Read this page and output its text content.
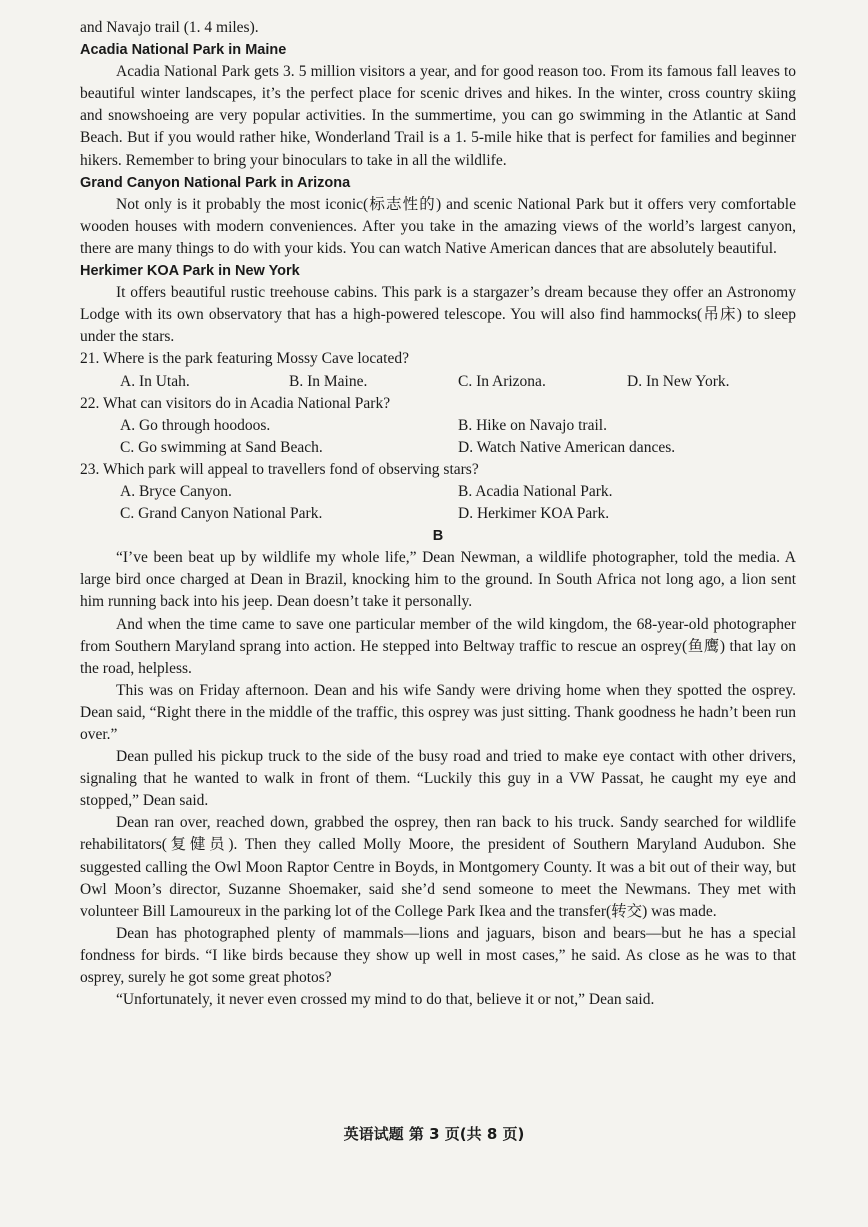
and Navajo trail (1. 4 miles).

Acadia National Park in Maine

Acadia National Park gets 3. 5 million visitors a year, and for good reason too. From its famous fall leaves to beautiful winter landscapes, it’s the perfect place for scenic drives and hikes. In the winter, cross country skiing and snowshoeing are very popular activities. In the summertime, you can go swimming in the Atlantic at Sand Beach. But if you would rather hike, Wonderland Trail is a 1. 5-mile hike that is perfect for families and beginner hikers. Remember to bring your binoculars to take in all the wildlife.

Grand Canyon National Park in Arizona

Not only is it probably the most iconic(标志性的) and scenic National Park but it offers very comfortable wooden houses with modern conveniences. After you take in the amazing views of the world’s largest canyon, there are many things to do with your kids. You can watch Native American dances that are absolutely beautiful.

Herkimer KOA Park in New York

It offers beautiful rustic treehouse cabins. This park is a stargazer’s dream because they offer an Astronomy Lodge with its own observatory that has a high-powered telescope. You will also find hammocks(吊床) to sleep under the stars.

21. Where is the park featuring Mossy Cave located?

A. In Utah.	B. In Maine.	C. In Arizona.	D. In New York.

22. What can visitors do in Acadia National Park?

A. Go through hoodoos.	B. Hike on Navajo trail.
C. Go swimming at Sand Beach.	D. Watch Native American dances.

23. Which park will appeal to travellers fond of observing stars?

A. Bryce Canyon.	B. Acadia National Park.
C. Grand Canyon National Park.	D. Herkimer KOA Park.

B

“I’ve been beat up by wildlife my whole life,” Dean Newman, a wildlife photographer, told the media. A large bird once charged at Dean in Brazil, knocking him to the ground. In South Africa not long ago, a lion sent him running back into his jeep. Dean doesn’t take it personally.

And when the time came to save one particular member of the wild kingdom, the 68-year-old photographer from Southern Maryland sprang into action. He stepped into Beltway traffic to rescue an osprey(鱼鹰) that lay on the road, helpless.

This was on Friday afternoon. Dean and his wife Sandy were driving home when they spotted the osprey. Dean said, “Right there in the middle of the traffic, this osprey was just sitting. Thank goodness he hadn’t been run over.”

Dean pulled his pickup truck to the side of the busy road and tried to make eye contact with other drivers, signaling that he wanted to walk in front of them. “Luckily this guy in a VW Passat, he caught my eye and stopped,” Dean said.

Dean ran over, reached down, grabbed the osprey, then ran back to his truck. Sandy searched for wildlife rehabilitators(复健员). Then they called Molly Moore, the president of Southern Maryland Audubon. She suggested calling the Owl Moon Raptor Centre in Boyds, in Montgomery County. It was a bit out of their way, but Owl Moon’s director, Suzanne Shoemaker, said she’d send someone to meet the Newmans. They met with volunteer Bill Lamoureux in the parking lot of the College Park Ikea and the transfer(转交) was made.

Dean has photographed plenty of mammals—lions and jaguars, bison and bears—but he has a special fondness for birds. “I like birds because they show up well in most cases,” he said. As close as he was to that osprey, surely he got some great photos?

“Unfortunately, it never even crossed my mind to do that, believe it or not,” Dean said.

英语试题 第 3 页(共 8 页)
